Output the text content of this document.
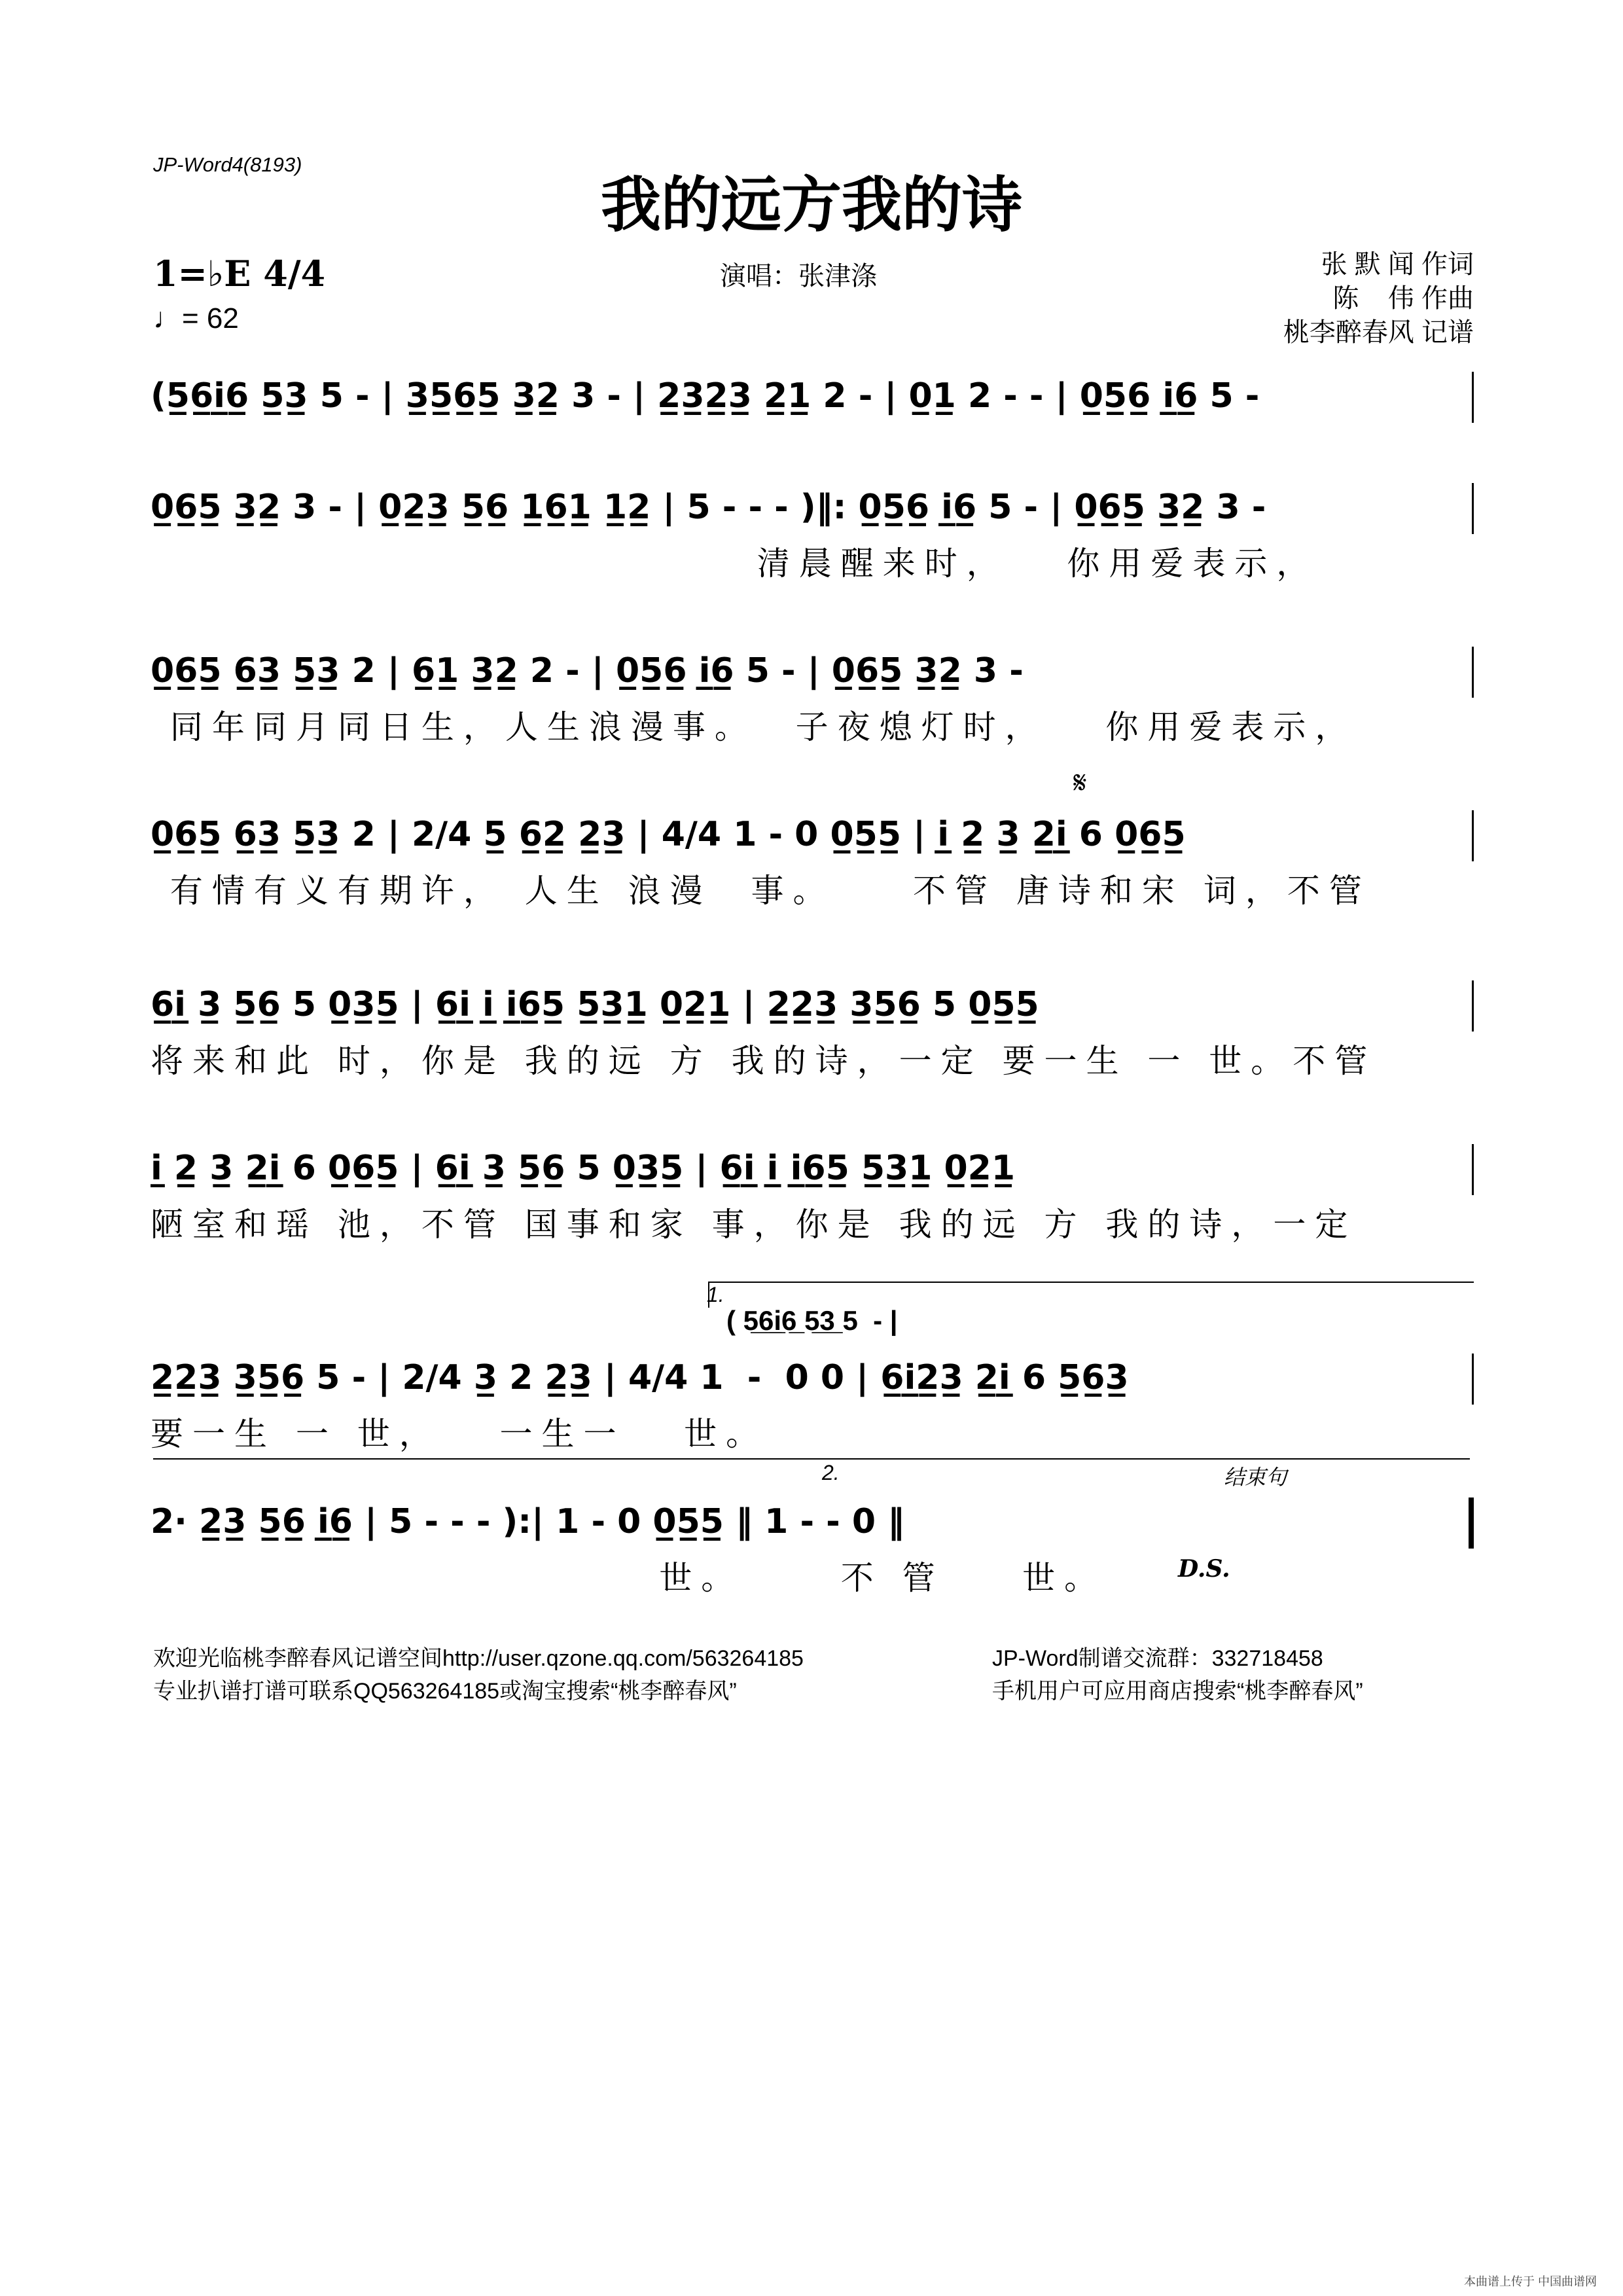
JP-Word4(8193)
我的远方我的诗
1=♭E 4/4
♩= 62
演唱：张津涤	张 默 闻 作词
陈    伟 作曲
桃李醉春风 记谱
(5̲6̲i̲6̲ 5̲3̲ 5 - | 3̲5̲6̲5̲ 3̲2̲ 3 - | 2̲3̲2̲3̲ 2̲1̲ 2 - | 0̲1̲ 2 - - | 0̲5̲6̲ i̲6̲ 5 -
0̲6̲5̲ 3̲2̲ 3 - | 0̲2̲3̲ 5̲6̲ 1̲6̲1̲ 1̲2̲ | 5 - - - )‖: 0̲5̲6̲ i̲6̲ 5 - | 0̲6̲5̲ 3̲2̲ 3 -
清晨醒来时，   你用爱表示，
0̲6̲5̲ 6̲3̲ 5̲3̲ 2 | 6̲1̲ 3̲2̲ 2 - | 0̲5̲6̲ i̲6̲ 5 - | 0̲6̲5̲ 3̲2̲ 3 -
同年同月同日生，人生浪漫事。  子夜熄灯时，   你用爱表示，
𝄋
0̲6̲5̲ 6̲3̲ 5̲3̲ 2 | 2/4 5̲ 6̲2̲ 2̲3̲ | 4/4 1 - 0 0̲5̲5̲ | i̲ 2̲ 3̲ 2̲i̲ 6 0̲6̲5̲
有情有义有期许， 人生 浪漫  事。    不管 唐诗和宋 词，不管
6̲i̲ 3̲ 5̲6̲ 5 0̲3̲5̲ | 6̲i̲ i̲ i̲6̲5̲ 5̲3̲1̲ 0̲2̲1̲ | 2̲2̲3̲ 3̲5̲6̲ 5 0̲5̲5̲
将来和此 时，你是 我的远 方 我的诗，一定 要一生 一 世。不管
i̲ 2̲ 3̲ 2̲i̲ 6 0̲6̲5̲ | 6̲i̲ 3̲ 5̲6̲ 5 0̲3̲5̲ | 6̲i̲ i̲ i̲6̲5̲ 5̲3̲1̲ 0̲2̲1̲
陋室和瑶 池，不管 国事和家 事，你是 我的远 方 我的诗，一定
1.
( 5̲6̲i̲6̲ 5̲3̲ 5  - |
2̲2̲3̲ 3̲5̲6̲ 5 - | 2/4 3̲ 2 2̲3̲ | 4/4 1  -  0 0 | 6̲i̲2̲3̲ 2̲i̲ 6 5̲6̲3̲
要一生 一 世，   一生一   世。
2.	结束句
2· 2̲3̲ 5̲6̲ i̲6̲ | 5 - - - ):| 1 - 0 0̲5̲5̲ ‖ 1 - - 0 ‖
世。     不 管    世。	D.S.
欢迎光临桃李醉春风记谱空间http://user.qzone.qq.com/563264185	JP-Word制谱交流群：332718458
专业扒谱打谱可联系QQ563264185或淘宝搜索“桃李醉春风”	手机用户可应用商店搜索“桃李醉春风”
本曲谱上传于 中国曲谱网
